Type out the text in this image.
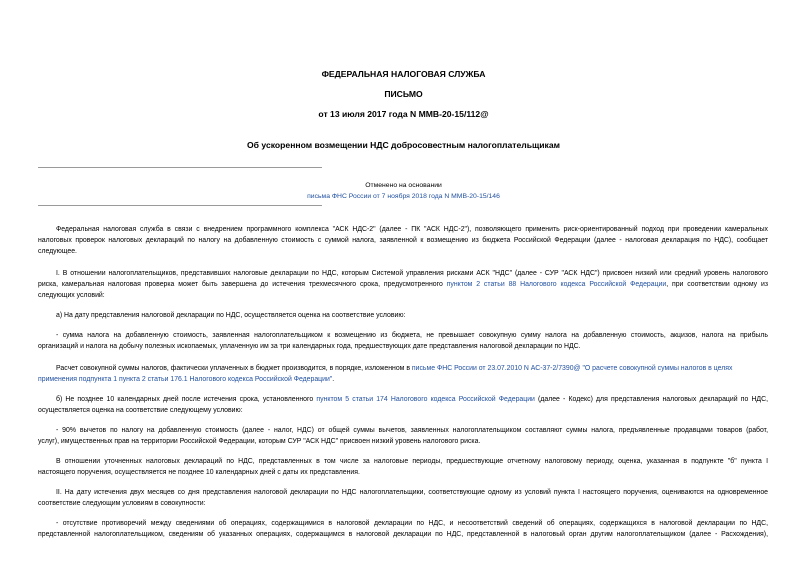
ФЕДЕРАЛЬНАЯ НАЛОГОВАЯ СЛУЖБА
ПИСЬМО
от 13 июля 2017 года N ММВ-20-15/112@
Об ускоренном возмещении НДС добросовестным налогоплательщикам
Отменено на основании
письма ФНС России от 7 ноября 2018 года N ММВ-20-15/146
Федеральная налоговая служба в связи с внедрением программного комплекса "АСК НДС-2" (далее - ПК "АСК НДС-2"), позволяющего применить риск-ориентированный подход при проведении камеральных
налоговых проверок налоговых деклараций по налогу на добавленную стоимость с суммой налога, заявленной к возмещению из бюджета Российской Федерации (далее - налоговая декларация по НДС), сообщает
следующее.
I. В отношении налогоплательщиков, представивших налоговые декларации по НДС, которым Системой управления рисками АСК "НДС" (далее - СУР "АСК НДС") присвоен низкий или средний уровень налогового
риска, камеральная налоговая проверка может быть завершена до истечения трехмесячного срока, предусмотренного пунктом 2 статьи 88 Налогового кодекса Российской Федерации, при соответствии одному из
следующих условий:
а) На дату представления налоговой декларации по НДС, осуществляется оценка на соответствие условию:
- сумма налога на добавленную стоимость, заявленная налогоплательщиком к возмещению из бюджета, не превышает совокупную сумму налога на добавленную стоимость, акцизов, налога на прибыль
организаций и налога на добычу полезных ископаемых, уплаченную им за три календарных года, предшествующих дате представления налоговой декларации по НДС.
Расчет совокупной суммы налогов, фактически уплаченных в бюджет производится, в порядке, изложенном в письме ФНС России от 23.07.2010 N АС-37-2/7390@ "О расчете совокупной суммы налогов в целях
применения подпункта 1 пункта 2 статьи 176.1 Налогового кодекса Российской Федерации".
б) Не позднее 10 календарных дней после истечения срока, установленного пунктом 5 статьи 174 Налогового кодекса Российской Федерации (далее - Кодекс) для представления налоговых деклараций по НДС,
осуществляется оценка на соответствие следующему условию:
- 90% вычетов по налогу на добавленную стоимость (далее - налог, НДС) от общей суммы вычетов, заявленных налогоплательщиком составляют суммы налога, предъявленные продавцами товаров (работ,
услуг), имущественных прав на территории Российской Федерации, которым СУР "АСК НДС" присвоен низкий уровень налогового риска.
В отношении уточненных налоговых деклараций по НДС, представленных в том числе за налоговые периоды, предшествующие отчетному налоговому периоду, оценка, указанная в подпункте "б" пункта I
настоящего поручения, осуществляется не позднее 10 календарных дней с даты их представления.
II. На дату истечения двух месяцев со дня представления налоговой декларации по НДС налогоплательщики, соответствующие одному из условий пункта I настоящего поручения, оцениваются на одновременное
соответствие следующим условиям в совокупности:
- отсутствие противоречий между сведениями об операциях, содержащимися в налоговой декларации по НДС, и несоответствий сведений об операциях, содержащихся в налоговой декларации по НДС,
представленной налогоплательщиком, сведениям об указанных операциях, содержащимся в налоговой декларации по НДС, представленной в налоговый орган другим налогоплательщиком (далее - Расхождения),
